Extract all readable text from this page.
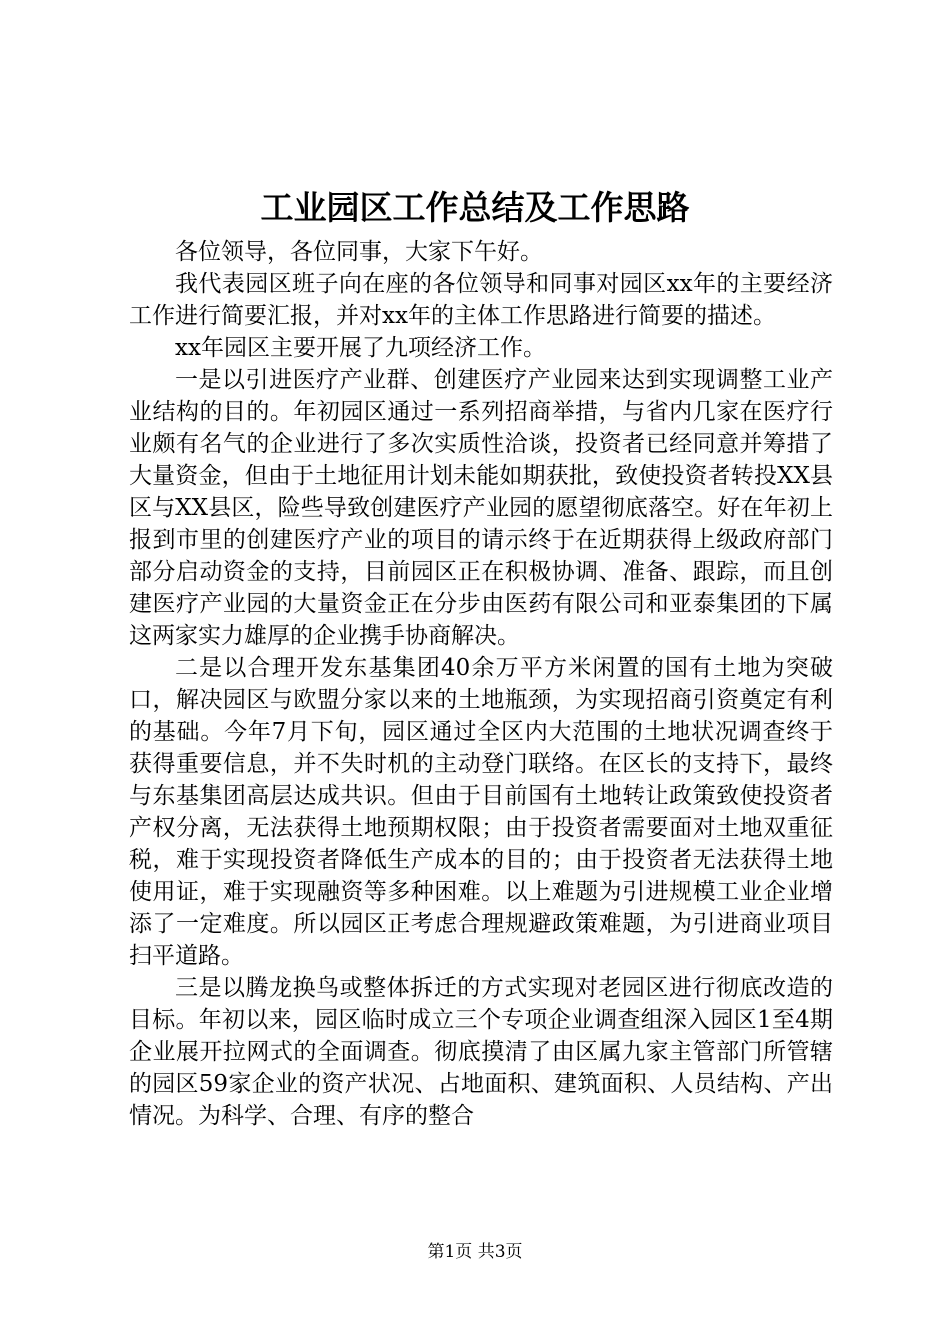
工业园区工作总结及工作思路

各位领导，各位同事，大家下午好。

我代表园区班子向在座的各位领导和同事对园区xx年的主要经济工作进行简要汇报，并对xx年的主体工作思路进行简要的描述。

xx年园区主要开展了九项经济工作。

一是以引进医疗产业群、创建医疗产业园来达到实现调整工业产业结构的目的。年初园区通过一系列招商举措，与省内几家在医疗行业颇有名气的企业进行了多次实质性洽谈，投资者已经同意并筹措了大量资金，但由于土地征用计划未能如期获批，致使投资者转投XX县区与XX县区，险些导致创建医疗产业园的愿望彻底落空。好在年初上报到市里的创建医疗产业的项目的请示终于在近期获得上级政府部门部分启动资金的支持，目前园区正在积极协调、准备、跟踪，而且创建医疗产业园的大量资金正在分步由医药有限公司和亚泰集团的下属这两家实力雄厚的企业携手协商解决。

二是以合理开发东基集团40余万平方米闲置的国有土地为突破口，解决园区与欧盟分家以来的土地瓶颈，为实现招商引资奠定有利的基础。今年7月下旬，园区通过全区内大范围的土地状况调查终于获得重要信息，并不失时机的主动登门联络。在区长的支持下，最终与东基集团高层达成共识。但由于目前国有土地转让政策致使投资者产权分离，无法获得土地预期权限；由于投资者需要面对土地双重征税，难于实现投资者降低生产成本的目的；由于投资者无法获得土地使用证，难于实现融资等多种困难。以上难题为引进规模工业企业增添了一定难度。所以园区正考虑合理规避政策难题，为引进商业项目扫平道路。

三是以腾龙换鸟或整体拆迁的方式实现对老园区进行彻底改造的目标。年初以来，园区临时成立三个专项企业调查组深入园区1至4期企业展开拉网式的全面调查。彻底摸清了由区属九家主管部门所管辖的园区59家企业的资产状况、占地面积、建筑面积、人员结构、产出情况。为科学、合理、有序的整合

第1页 共3页
